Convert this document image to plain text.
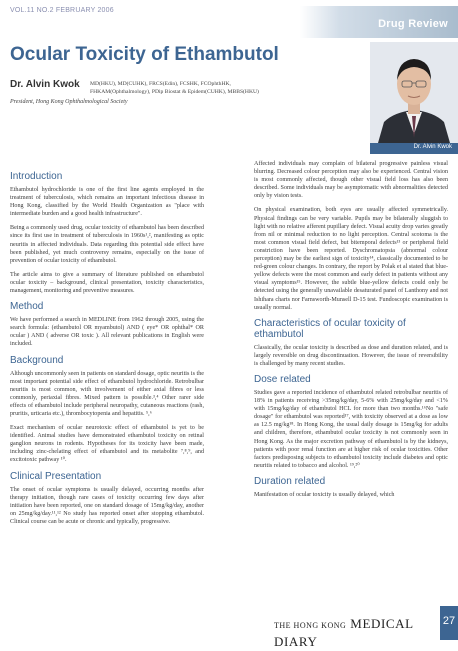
VOL.11 NO.2 FEBRUARY 2006
Drug Review
Ocular Toxicity of Ethambutol
Dr. Alvin Kwok MD(HKU), MD(CUHK), FRCS(Edin), FCSHK, FCOphthHK, FHKAM(Ophthalmology), PDip Biostat & Epidem(CUHK), MBBS(HKU)
President, Hong Kong Ophthalmological Society
Dr. Alvin Kwok
Introduction

Ethambutol hydrochloride is one of the first line agents employed in the treatment of tuberculosis, which remains an important infectious disease in Hong Kong, classified by the World Health Organization as "place with intermediate burden and a good health infrastructure".

Being a commonly used drug, ocular toxicity of ethambutol has been described since its first use in treatment of tuberculosis in 1960s¹,², manifesting as optic neuritis in affected individuals. Data regarding this potential side effect have been published, yet much controversy remains, especially on the issue of prevention of ocular toxicity of ethambutol.

The article aims to give a summary of literature published on ethambutol ocular toxicity – background, clinical presentation, toxicity characteristics, management, monitoring and preventive measures.

Method

We have performed a search in MEDLINE from 1962 through 2005, using the search formula: (ethambutol OR myambutol) AND ( eye* OR ophthal* OR ocular ) AND ( adverse OR toxic ). All relevant publications in English were included.

Background

Although uncommonly seen in patients on standard dosage, optic neuritis is the most important potential side effect of ethambutol hydrochloride. Retrobulbar neuritis is most common, with involvement of either axial fibres or less commonly, periaxial fibres. Mixed pattern is possible.³,⁴ Other rarer side effects of ethambutol include peripheral neuropathy, cutaneous reactions (rash, pruritis, urticaria etc.), thrombocytopenia and hepatitis. ⁵,⁶

Exact mechanism of ocular neurotoxic effect of ethambutol is yet to be identified. Animal studies have demonstrated ethambutol toxicity on retinal ganglion neurons in rodents. Hypotheses for its toxicity have been made, including zinc-chelating effect of ethambutol and its metabolite ⁷,⁸,⁹, and excitotoxic pathway ¹⁰.

Clinical Presentation

The onset of ocular symptoms is usually delayed, occurring months after therapy initiation, though rare cases of toxicity occurring few days after initiation have been reported, one on standard dosage of 15mg/kg/day, another on 25mg/kg/day.¹¹,¹² No study has reported onset after stopping ethambutol. Clinical course can be acute or chronic and typically, progressive.

Affected individuals may complain of bilateral progressive painless visual blurring. Decreased colour perception may also be experienced. Central vision is most commonly affected, though other visual field loss has also been described. Some individuals may be asymptomatic with abnormalities detected only by vision tests.

On physical examination, both eyes are usually affected symmetrically. Physical findings can be very variable. Pupils may be bilaterally sluggish to light with no relative afferent pupillary defect. Visual acuity drop varies greatly from nil or minimal reduction to no light perception. Central scotoma is the most common visual field defect, but bitemporal defects¹³ or peripheral field constriction have been reported. Dyschromatopsia (abnormal colour perception) may be the earliest sign of toxicity¹⁴, classically documented to be red-green colour changes. In contrary, the report by Polak et al stated that blue-yellow defects were the most common and early defect in patients without any visual symptoms¹⁵. However, the subtle blue-yellow defects could only be detected using the generally unavailable desaturated panel of Lanthony and not Ishihara charts nor Farnsworth-Munsell D-15 test. Fundoscopic examination is usually normal.

Characteristics of ocular toxicity of ethambutol

Classically, the ocular toxicity is described as dose and duration related, and is largely reversible on drug discontinuation. However, the issue of reversibility is challenged by many recent studies.

Dose related

Studies gave a reported incidence of ethambutol related retrobulbar neuritis of 18% in patients receiving >35mg/kg/day, 5-6% with 25mg/kg/day and <1% with 15mg/kg/day of ethambutol HCL for more than two months.¹⁶No "safe dosage" for ethambutol was reported¹⁷, with toxicity observed at a dose as low as 12.5 mg/kg¹⁸. In Hong Kong, the usual daily dosage is 15mg/kg for adults and children, therefore, ethambutol ocular toxicity is not commonly seen in Hong Kong. As the major excretion pathway of ethambutol is by the kidneys, patients with poor renal function are at higher risk of ocular toxicities. Other factors predisposing subjects to ethambutol toxicity include diabetes and optic neuritis related to tobacco and alcohol. ¹⁹,²⁰

Duration related

Manifestation of ocular toxicity is usually delayed, which

THE HONG KONG MEDICAL DIARY
27
